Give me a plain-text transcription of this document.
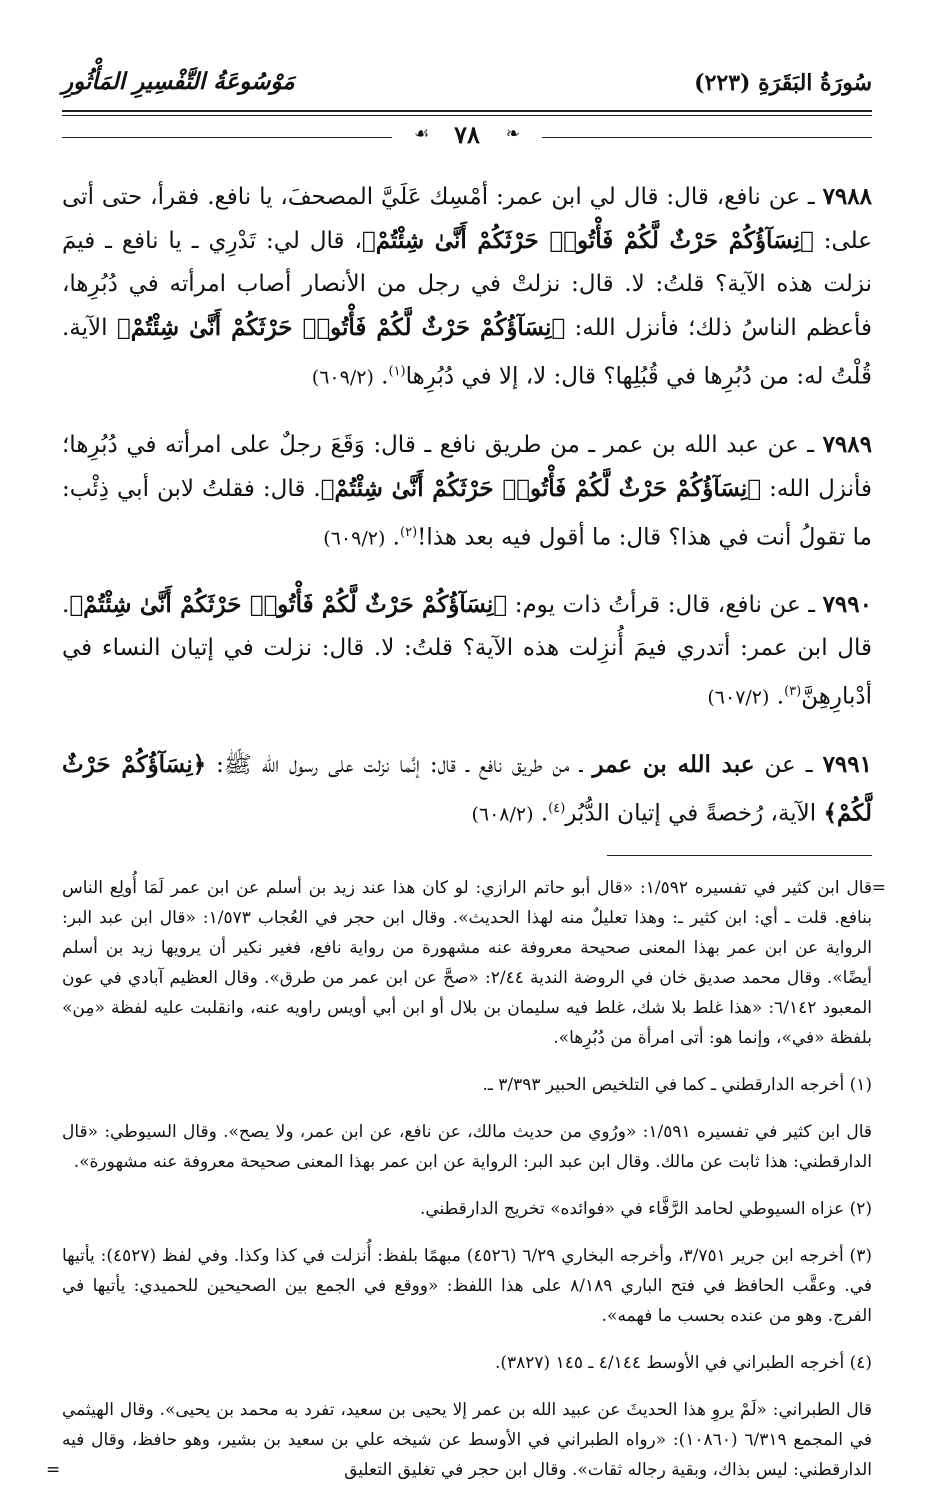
سُورَةُ البَقَرَةِ (٢٢٣)
مَوْسُوعَةُ التَّفْسِيرِ المَأْثُورِ
❧
٧٨
☙

٧٩٨٨ ـ عن نافع، قال: قال لي ابن عمر: أمْسِك عَلَيَّ المصحفَ، يا نافع. فقرأ، حتى أتى على: ﴿نِسَآؤُكُمْ حَرْثٌ لَّكُمْ فَأْتُوا۟ حَرْثَكُمْ أَنَّىٰ شِئْتُمْ﴾، قال لي: تَدْرِي ـ يا نافع ـ فيمَ نزلت هذه الآية؟ قلتُ: لا. قال: نزلتْ في رجل من الأنصار أصاب امرأته في دُبُرِها، فأعظم الناسُ ذلك؛ فأنزل الله: ﴿نِسَآؤُكُمْ حَرْثٌ لَّكُمْ فَأْتُوا۟ حَرْثَكُمْ أَنَّىٰ شِئْتُمْ﴾ الآية. قُلْتُ له: من دُبُرِها في قُبُلِها؟ قال: لا، إلا في دُبُرِها$^{(١)}$. (٦٠٩/٢)

٧٩٨٩ ـ عن عبد الله بن عمر ـ من طريق نافع ـ قال: وَقَعَ رجلٌ على امرأته في دُبُرِها؛ فأنزل الله: ﴿نِسَآؤُكُمْ حَرْثٌ لَّكُمْ فَأْتُوا۟ حَرْثَكُمْ أَنَّىٰ شِئْتُمْ﴾. قال: فقلتُ لابن أبي ذِئْب: ما تقولُ أنت في هذا؟ قال: ما أقول فيه بعد هذا!$^{(٢)}$. (٦٠٩/٢)

٧٩٩٠ ـ عن نافع، قال: قرأتُ ذات يوم: ﴿نِسَآؤُكُمْ حَرْثٌ لَّكُمْ فَأْتُوا۟ حَرْثَكُمْ أَنَّىٰ شِئْتُمْ﴾. قال ابن عمر: أتدري فيمَ أُنزِلت هذه الآية؟ قلتُ: لا. قال: نزلت في إتيان النساء في أدْبارِهِنَّ$^{(٣)}$. (٦٠٧/٢)

٧٩٩١ ـ عن عبد الله بن عمر ـ من طريق نافع ـ قال: إنَّما نزلت على رسول الله ﷺ: ﴿نِسَآؤُكُمْ حَرْثٌ لَّكُمْ﴾ الآية، رُخصةً في إتيان الدُّبُر$^{(٤)}$. (٦٠٨/٢)

= قال ابن كثير في تفسيره ١/٥٩٢: «قال أبو حاتم الرازي: لو كان هذا عند زيد بن أسلم عن ابن عمر لَمَا أُولِع الناس بنافع. قلت ـ أي: ابن كثير ـ: وهذا تعليلٌ منه لهذا الحديث». وقال ابن حجر في العُجاب ١/٥٧٣: «قال ابن عبد البر: الرواية عن ابن عمر بهذا المعنى صحيحة معروفة عنه مشهورة من رواية نافع، فغير نكير أن يرويها زيد بن أسلم أيضًا». وقال محمد صديق خان في الروضة الندية ٢/٤٤: «صحَّ عن ابن عمر من طرق». وقال العظيم آبادي في عون المعبود ٦/١٤٢: «هذا غلط بلا شك، غلط فيه سليمان بن بلال أو ابن أبي أويس راويه عنه، وانقلبت عليه لفظة «مِن» بلفظة «في»، وإنما هو: أتى امرأة من دُبُرِها».

(١) أخرجه الدارقطني ـ كما في التلخيص الحبير ٣/٣٩٣ ـ.

قال ابن كثير في تفسيره ١/٥٩١: «ورُوي من حديث مالك، عن نافع، عن ابن عمر، ولا يصح». وقال السيوطي: «قال الدارقطني: هذا ثابت عن مالك. وقال ابن عبد البر: الرواية عن ابن عمر بهذا المعنى صحيحة معروفة عنه مشهورة».

(٢) عزاه السيوطي لحامد الرَّفَّاء في «فوائده» تخريج الدارقطني.

(٣) أخرجه ابن جرير ٣/٧٥١، وأخرجه البخاري ٦/٢٩ (٤٥٢٦) مبهمًا بلفظ: أُنزلت في كذا وكذا. وفي لفظ (٤٥٢٧): يأتيها في. وعقَّب الحافظ في فتح الباري ٨/١٨٩ على هذا اللفظ: «ووقع في الجمع بين الصحيحين للحميدي: يأتيها في الفرج. وهو من عنده بحسب ما فهمه».

(٤) أخرجه الطبراني في الأوسط ٤/١٤٤ ـ ١٤٥ (٣٨٢٧).

قال الطبراني: «لَمْ يروِ هذا الحديثَ عن عبيد الله بن عمر إلا يحيى بن سعيد، تفرد به محمد بن يحيى». وقال الهيثمي في المجمع ٦/٣١٩ (١٠٨٦٠): «رواه الطبراني في الأوسط عن شيخه علي بن سعيد بن بشير، وهو حافظ، وقال فيه الدارقطني: ليس بذاك، وبقية رجاله ثقات». وقال ابن حجر في تغليق التعليق =
